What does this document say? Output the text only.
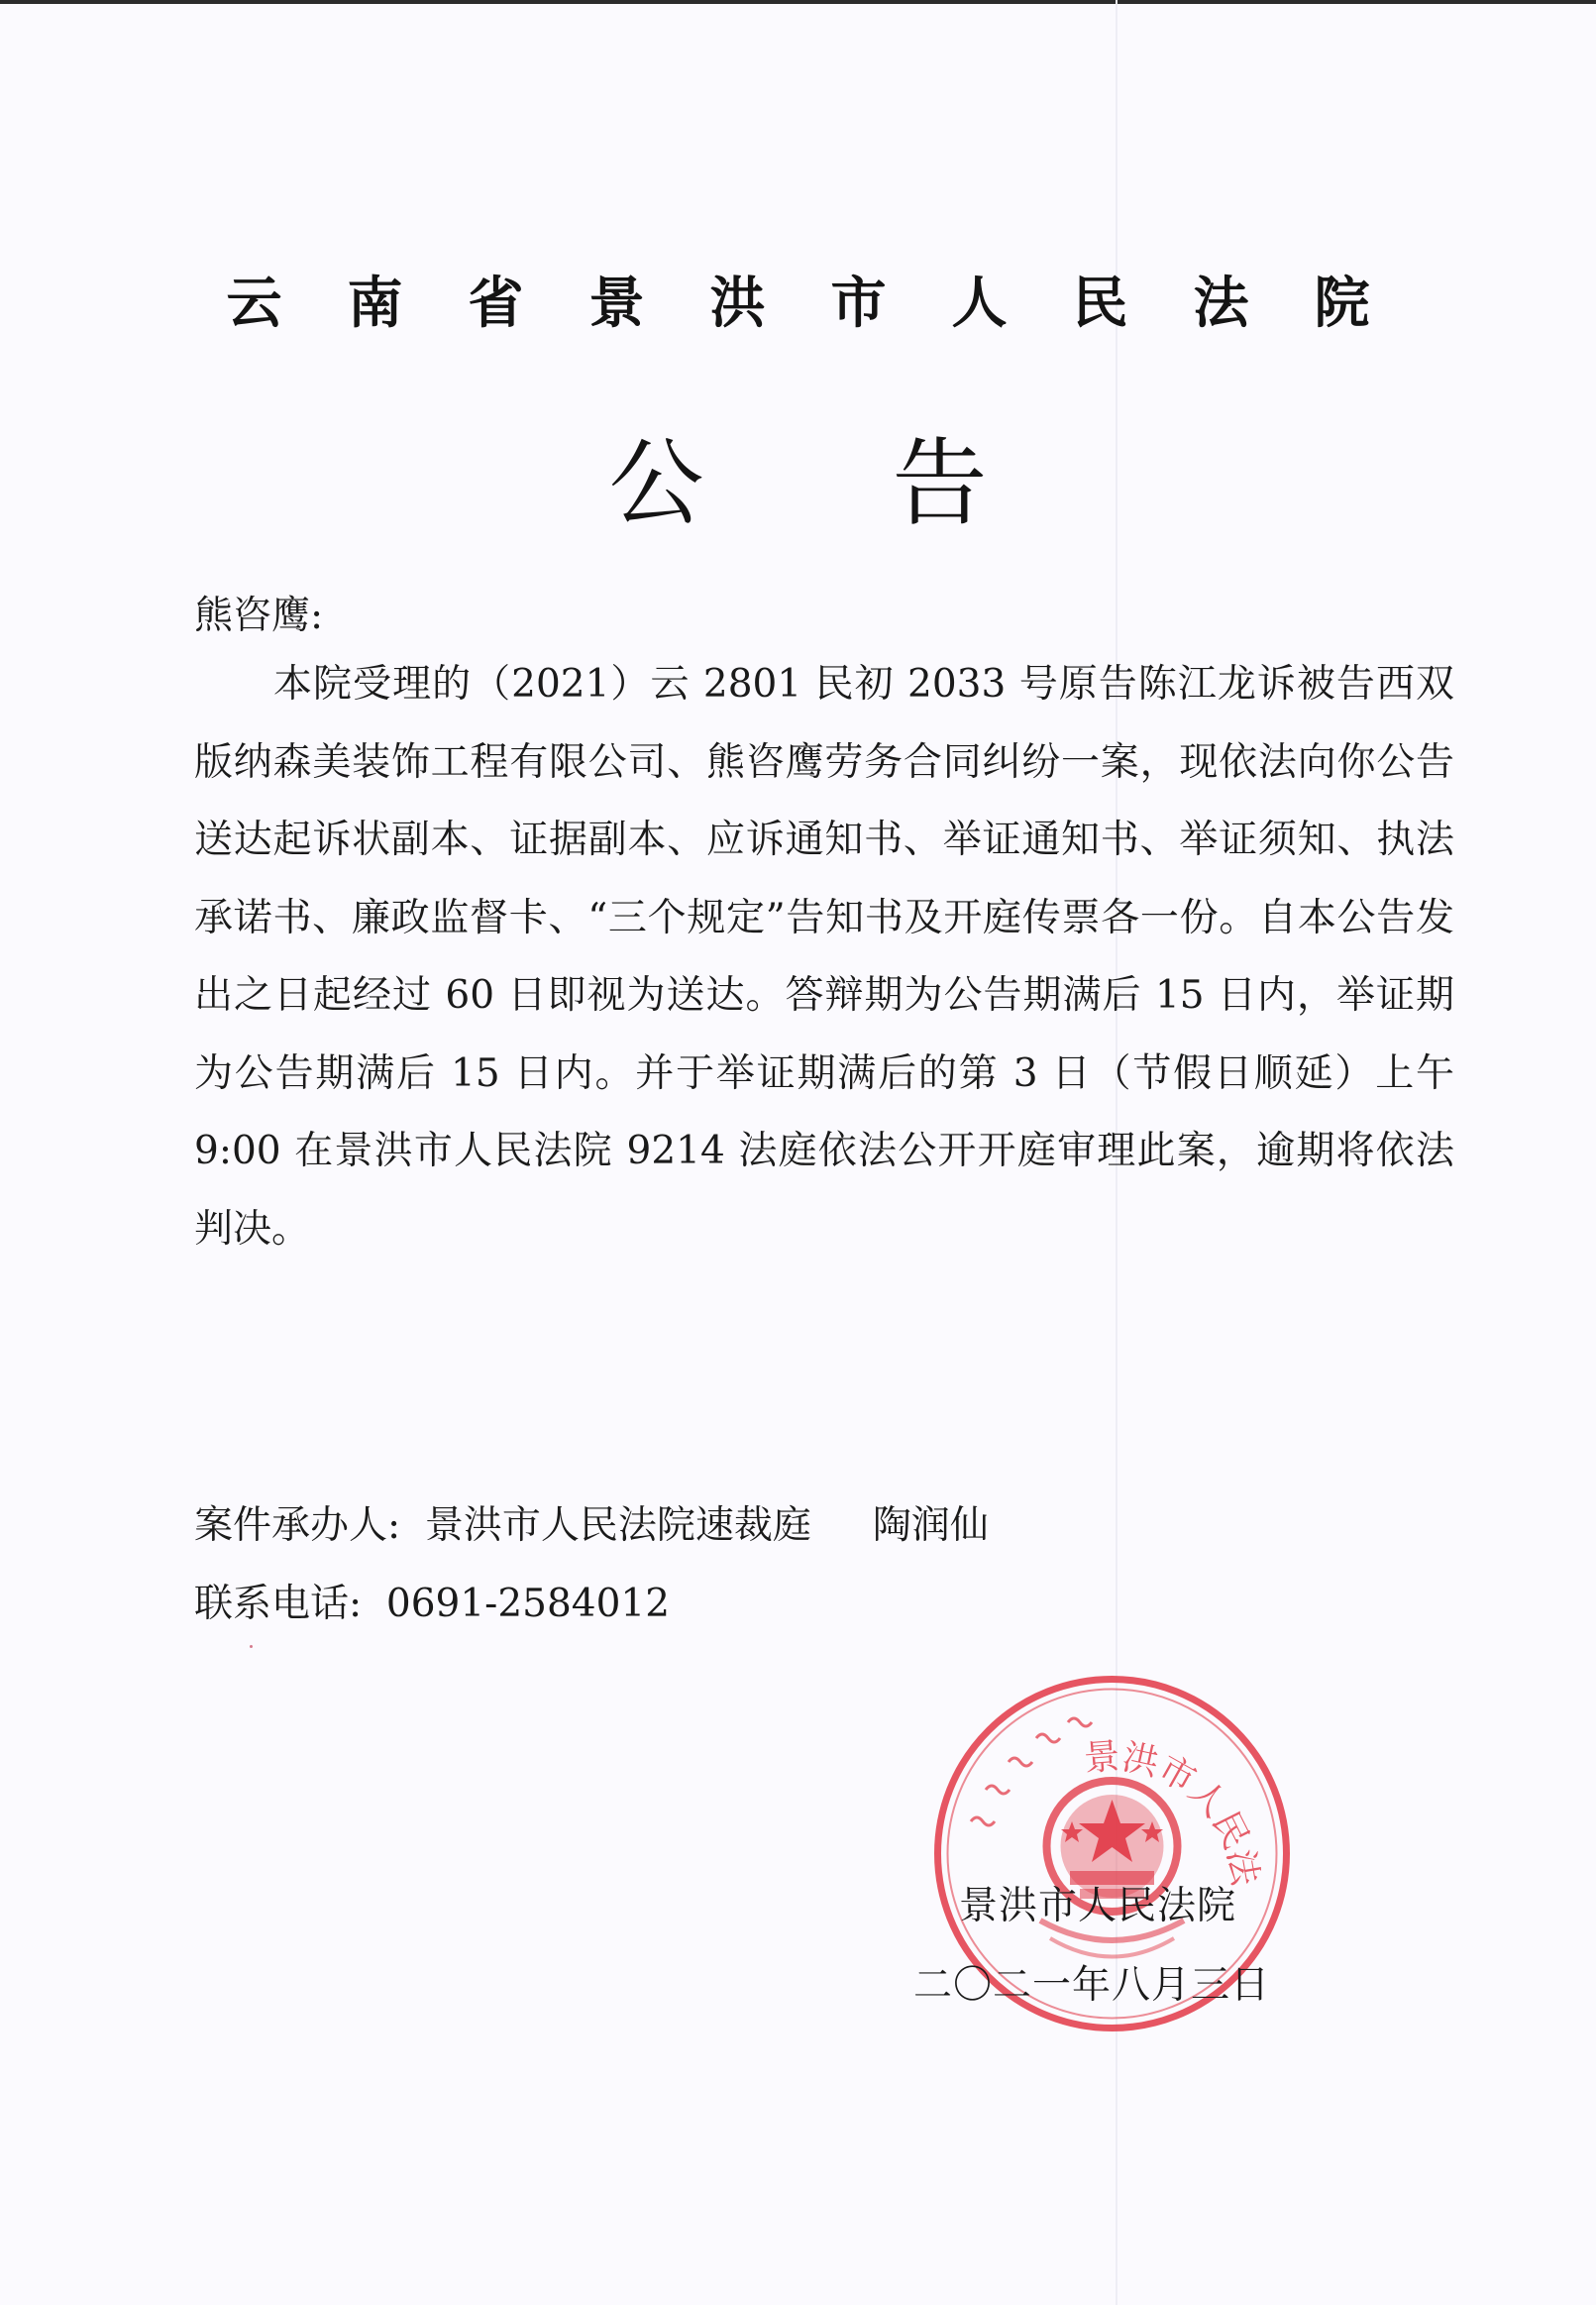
云南省景洪市人民法院
公告
熊咨鹰:
本院受理的（2021）云 2801 民初 2033 号原告陈江龙诉被告西双版纳森美装饰工程有限公司、熊咨鹰劳务合同纠纷一案，现依法向你公告送达起诉状副本、证据副本、应诉通知书、举证通知书、举证须知、执法承诺书、廉政监督卡、“三个规定”告知书及开庭传票各一份。自本公告发出之日起经过 60 日即视为送达。答辩期为公告期满后 15 日内，举证期为公告期满后 15 日内。并于举证期满后的第 3 日（节假日顺延）上午 9:00 在景洪市人民法院 9214 法庭依法公开开庭审理此案，逾期将依法判决。
案件承办人:  景洪市人民法院速裁庭     陶润仙
联系电话:  0691-2584012
景洪市人民法
景洪市人民法院
二〇二一年八月三日
